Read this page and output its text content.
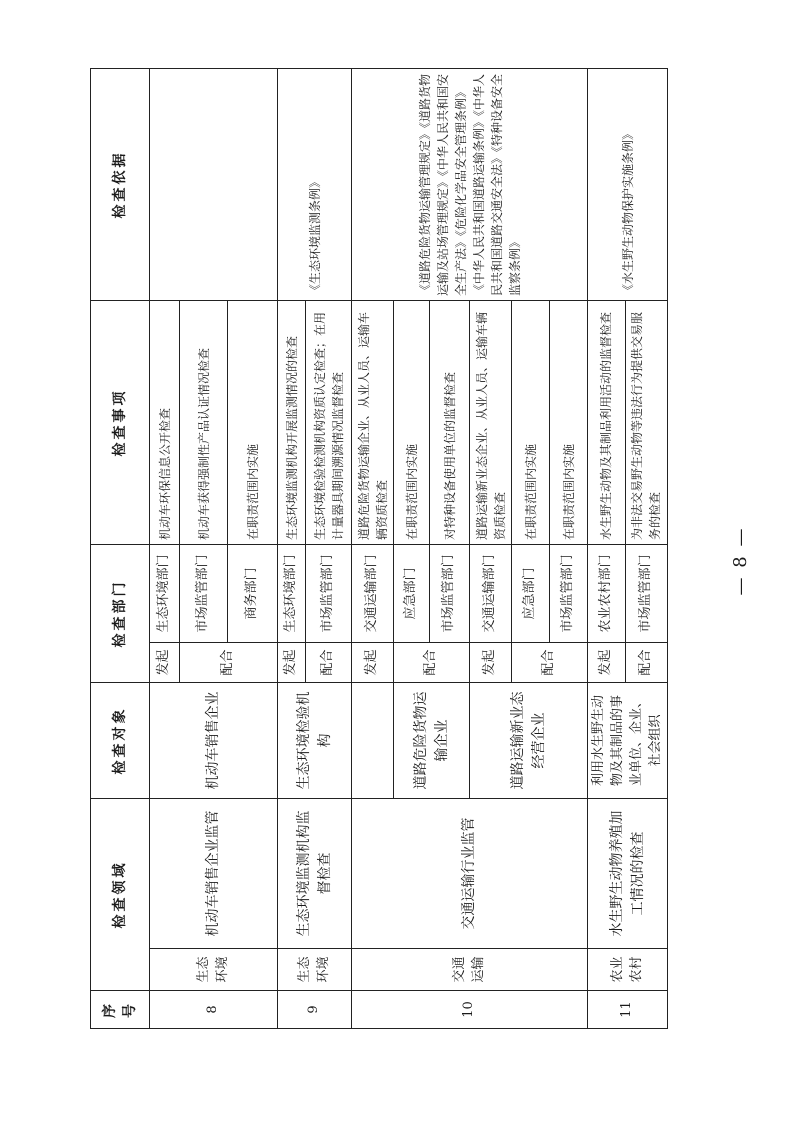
序号	检查领域		检查对象	检查部门		检查事项	检查依据
8	生态环境	机动车销售企业监管	机动车销售企业	发起	生态环境部门	机动车环保信息公开检查	
				配合	市场监管部门	机动车获得强制性产品认证情况检查	
					商务部门	在职责范围内实施	
9	生态环境	生态环境监测机构监督检查	生态环境检验机构	发起	生态环境部门	生态环境监测机构开展监测情况的检查	《生态环境监测条例》
				配合	市场监管部门	生态环境检验检测机构资质认定检查；在用计量器具期间溯源情况监督检查	
10	交通运输	交通运输行业监管		发起	交通运输部门	道路危险货物运输企业、从业人员、运输车辆资质检查	《道路危险货物运输管理规定》《道路货物运输及站场管理规定》《中华人民共和国安全生产法》《危险化学品安全管理条例》《中华人民共和国道路运输条例》《中华人民共和国道路交通安全法》《特种设备安全监察条例》
			道路危险货物运输企业	配合	应急部门	在职责范围内实施	
					市场监管部门	对特种设备使用单位的监督检查	
			道路运输新业态经营企业	发起	交通运输部门	道路运输新业态企业、从业人员、运输车辆资质检查	
				配合	应急部门	在职责范围内实施	
					市场监管部门	在职责范围内实施	
11	农业农村	水生野生动物养殖加工情况的检查	利用水生野生动物及其制品的事业单位、企业、社会组织	发起	农业农村部门	水生野生动物及其制品利用活动的监督检查	《水生野生动物保护实施条例》
				配合	市场监管部门	为非法交易野生动物等违法行为提供交易服务的检查	
— 8 —
